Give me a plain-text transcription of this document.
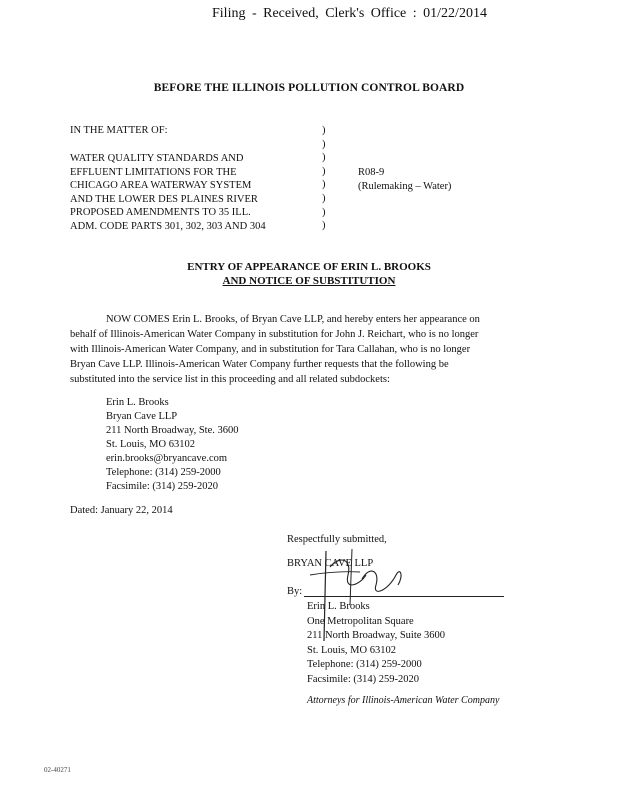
Filing - Received, Clerk's Office : 01/22/2014
BEFORE THE ILLINOIS POLLUTION CONTROL BOARD
IN THE MATTER OF:
WATER QUALITY STANDARDS AND
EFFLUENT LIMITATIONS FOR THE
CHICAGO AREA WATERWAY SYSTEM
AND THE LOWER DES PLAINES RIVER
PROPOSED AMENDMENTS TO 35 ILL.
ADM. CODE PARTS 301, 302, 303 AND 304
)
)
)
)
)
)
)
)
R08-9
(Rulemaking – Water)
ENTRY OF APPEARANCE OF ERIN L. BROOKS
AND NOTICE OF SUBSTITUTION
NOW COMES Erin L. Brooks, of Bryan Cave LLP, and hereby enters her appearance on
behalf of Illinois-American Water Company in substitution for John J. Reichart, who is no longer
with Illinois-American Water Company, and in substitution for Tara Callahan, who is no longer
Bryan Cave LLP. Illinois-American Water Company further requests that the following be
substituted into the service list in this proceeding and all related subdockets:
Erin L. Brooks
Bryan Cave LLP
211 North Broadway, Ste. 3600
St. Louis, MO 63102
erin.brooks@bryancave.com
Telephone: (314) 259-2000
Facsimile: (314) 259-2020
Dated: January 22, 2014
Respectfully submitted,
BRYAN CAVE LLP
By:
Erin L. Brooks
One Metropolitan Square
211 North Broadway, Suite 3600
St. Louis, MO 63102
Telephone: (314) 259-2000
Facsimile: (314) 259-2020
Attorneys for Illinois-American Water Company
02-40271
